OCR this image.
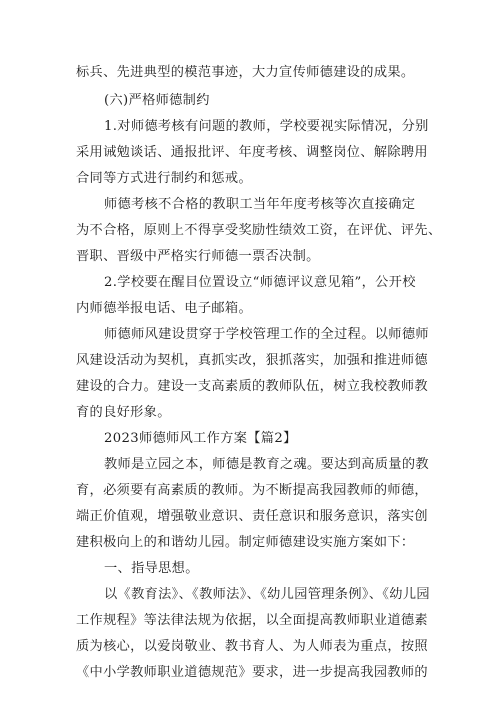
标兵、先进典型的模范事迹，大力宣传师德建设的成果。

(六)严格师德制约

1.对师德考核有问题的教师，学校要视实际情况，分别

采用诫勉谈话、通报批评、年度考核、调整岗位、解除聘用

合同等方式进行制约和惩戒。

师德考核不合格的教职工当年年度考核等次直接确定

为不合格，原则上不得享受奖励性绩效工资，在评优、评先、

晋职、晋级中严格实行师德一票否决制。

2.学校要在醒目位置设立“师德评议意见箱”，公开校

内师德举报电话、电子邮箱。

师德师风建设贯穿于学校管理工作的全过程。以师德师

风建设活动为契机，真抓实改，狠抓落实，加强和推进师德

建设的合力。建设一支高素质的教师队伍，树立我校教师教

育的良好形象。

2023师德师风工作方案【篇2】

教师是立园之本，师德是教育之魂。要达到高质量的教

育，必须要有高素质的教师。为不断提高我园教师的师德，

端正价值观，增强敬业意识、责任意识和服务意识，落实创

建积极向上的和谐幼儿园。制定师德建设实施方案如下：

一、指导思想。

以《教育法》、《教师法》、《幼儿园管理条例》、《幼儿园

工作规程》等法律法规为依据，以全面提高教师职业道德素

质为核心，以爱岗敬业、教书育人、为人师表为重点，按照

《中小学教师职业道德规范》要求，进一步提高我园教师的
